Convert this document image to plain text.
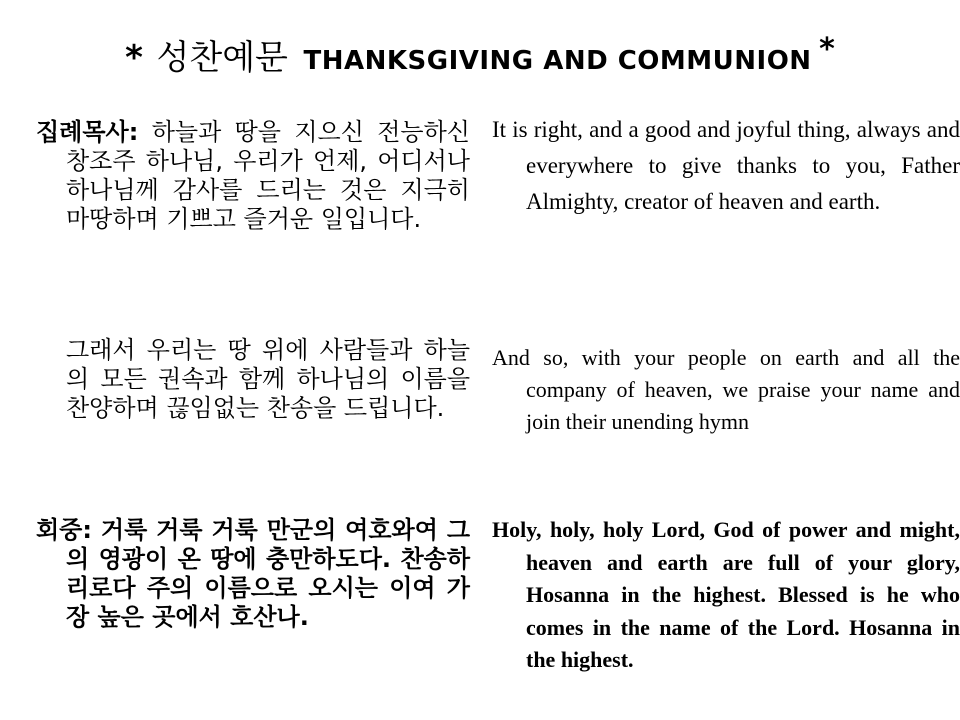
* 성찬예문 THANKSGIVING AND COMMUNION *
집례목사: 하늘과 땅을 지으신 전능하신 창조주 하나님, 우리가 언제, 어디서나 하나님께 감사를 드리는 것은 지극히 마땅하며 기쁘고 즐거운 일입니다.
그래서 우리는 땅 위에 사람들과 하늘의 모든 권속과 함께 하나님의 이름을 찬양하며 끊임없는 찬송을 드립니다.
회중: 거룩 거룩 거룩 만군의 여호와여 그의 영광이 온 땅에 충만하도다. 찬송하리로다 주의 이름으로 오시는 이여 가장 높은 곳에서 호산나.
It is right, and a good and joyful thing, always and everywhere to give thanks to you, Father Almighty, creator of heaven and earth.
And so, with your people on earth and all the company of heaven, we praise your name and join their unending hymn
Holy, holy, holy Lord, God of power and might, heaven and earth are full of your glory, Hosanna in the highest. Blessed is he who comes in the name of the Lord. Hosanna in the highest.
